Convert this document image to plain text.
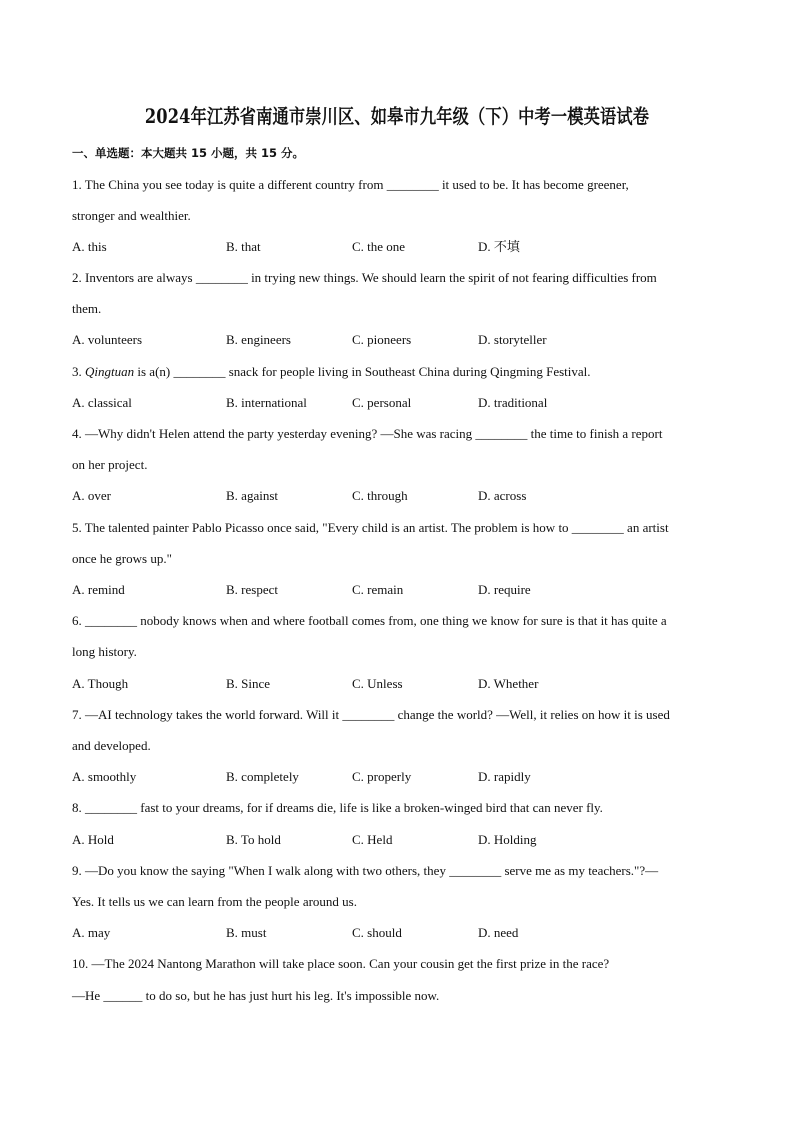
2024年江苏省南通市崇川区、如皋市九年级（下）中考一模英语试卷
一、单选题：本大题共 15 小题，共 15 分。
1. The China you see today is quite a different country from ________ it used to be. It has become greener,
stronger and wealthier.
A. this	B. that	C. the one	D. 不填
2. Inventors are always ________ in trying new things. We should learn the spirit of not fearing difficulties from
them.
A. volunteers	B. engineers	C. pioneers	D. storyteller
3. Qingtuan is a(n) ________ snack for people living in Southeast China during Qingming Festival.
A. classical	B. international	C. personal	D. traditional
4. —Why didn't Helen attend the party yesterday evening? —She was racing ________ the time to finish a report
on her project.
A. over	B. against	C. through	D. across
5. The talented painter Pablo Picasso once said, "Every child is an artist. The problem is how to ________ an artist
once he grows up."
A. remind	B. respect	C. remain	D. require
6. ________ nobody knows when and where football comes from, one thing we know for sure is that it has quite a
long history.
A. Though	B. Since	C. Unless	D. Whether
7. —AI technology takes the world forward. Will it ________ change the world? —Well, it relies on how it is used
and developed.
A. smoothly	B. completely	C. properly	D. rapidly
8. ________ fast to your dreams, for if dreams die, life is like a broken-winged bird that can never fly.
A. Hold	B. To hold	C. Held	D. Holding
9. —Do you know the saying "When I walk along with two others, they ________ serve me as my teachers."?—
Yes. It tells us we can learn from the people around us.
A. may	B. must	C. should	D. need
10. —The 2024 Nantong Marathon will take place soon. Can your cousin get the first prize in the race?
—He ______ to do so, but he has just hurt his leg. It's impossible now.
